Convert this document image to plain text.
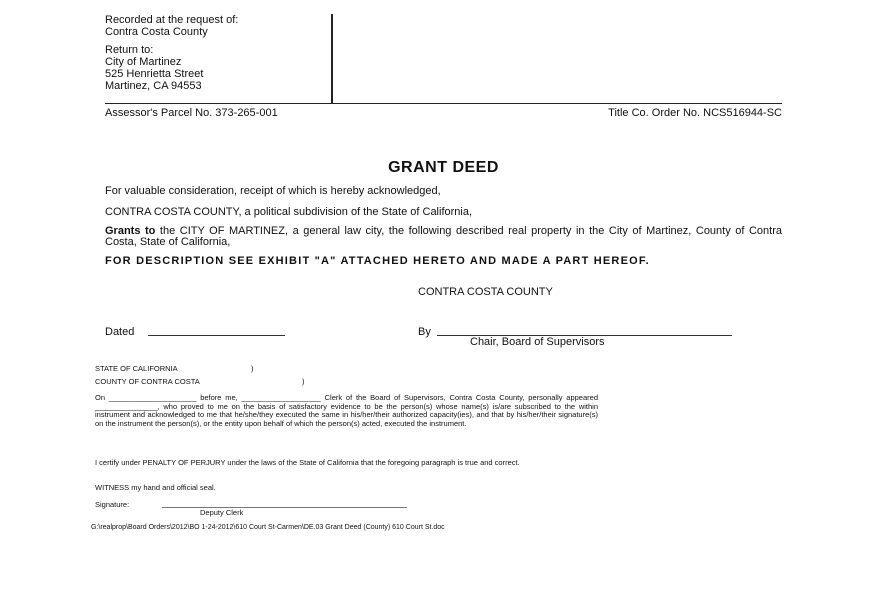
Recorded at the request of:
Contra Costa County
Return to:
City of Martinez
525 Henrietta Street
Martinez, CA 94553
Assessor's Parcel No. 373-265-001	Title Co. Order No. NCS516944-SC
GRANT DEED
For valuable consideration, receipt of which is hereby acknowledged,
CONTRA COSTA COUNTY, a political subdivision of the State of California,
Grants to the CITY OF MARTINEZ, a general law city, the following described real property in the City of Martinez, County of Contra Costa, State of California,
FOR DESCRIPTION SEE EXHIBIT "A" ATTACHED HERETO AND MADE A PART HEREOF.
CONTRA COSTA COUNTY
Dated	By
Chair, Board of Supervisors
STATE OF CALIFORNIA	)
COUNTY OF CONTRA COSTA	)
On _____________________ before me, ___________________ Clerk of the Board of Supervisors, Contra Costa County, personally appeared _______________, who proved to me on the basis of satisfactory evidence to be the person(s) whose name(s) is/are subscribed to the within instrument and acknowledged to me that he/she/they executed the same in his/her/their authorized capacity(ies), and that by his/her/their signature(s) on the instrument the person(s), or the entity upon behalf of which the person(s) acted, executed the instrument.
I certify under PENALTY OF PERJURY under the laws of the State of California that the foregoing paragraph is true and correct.
WITNESS my hand and official seal.
Signature:
Deputy Clerk
G:\realprop\Board Orders\2012\BO 1-24-2012\610 Court St-Carmen\DE.03 Grant Deed (County) 610 Court St.doc
